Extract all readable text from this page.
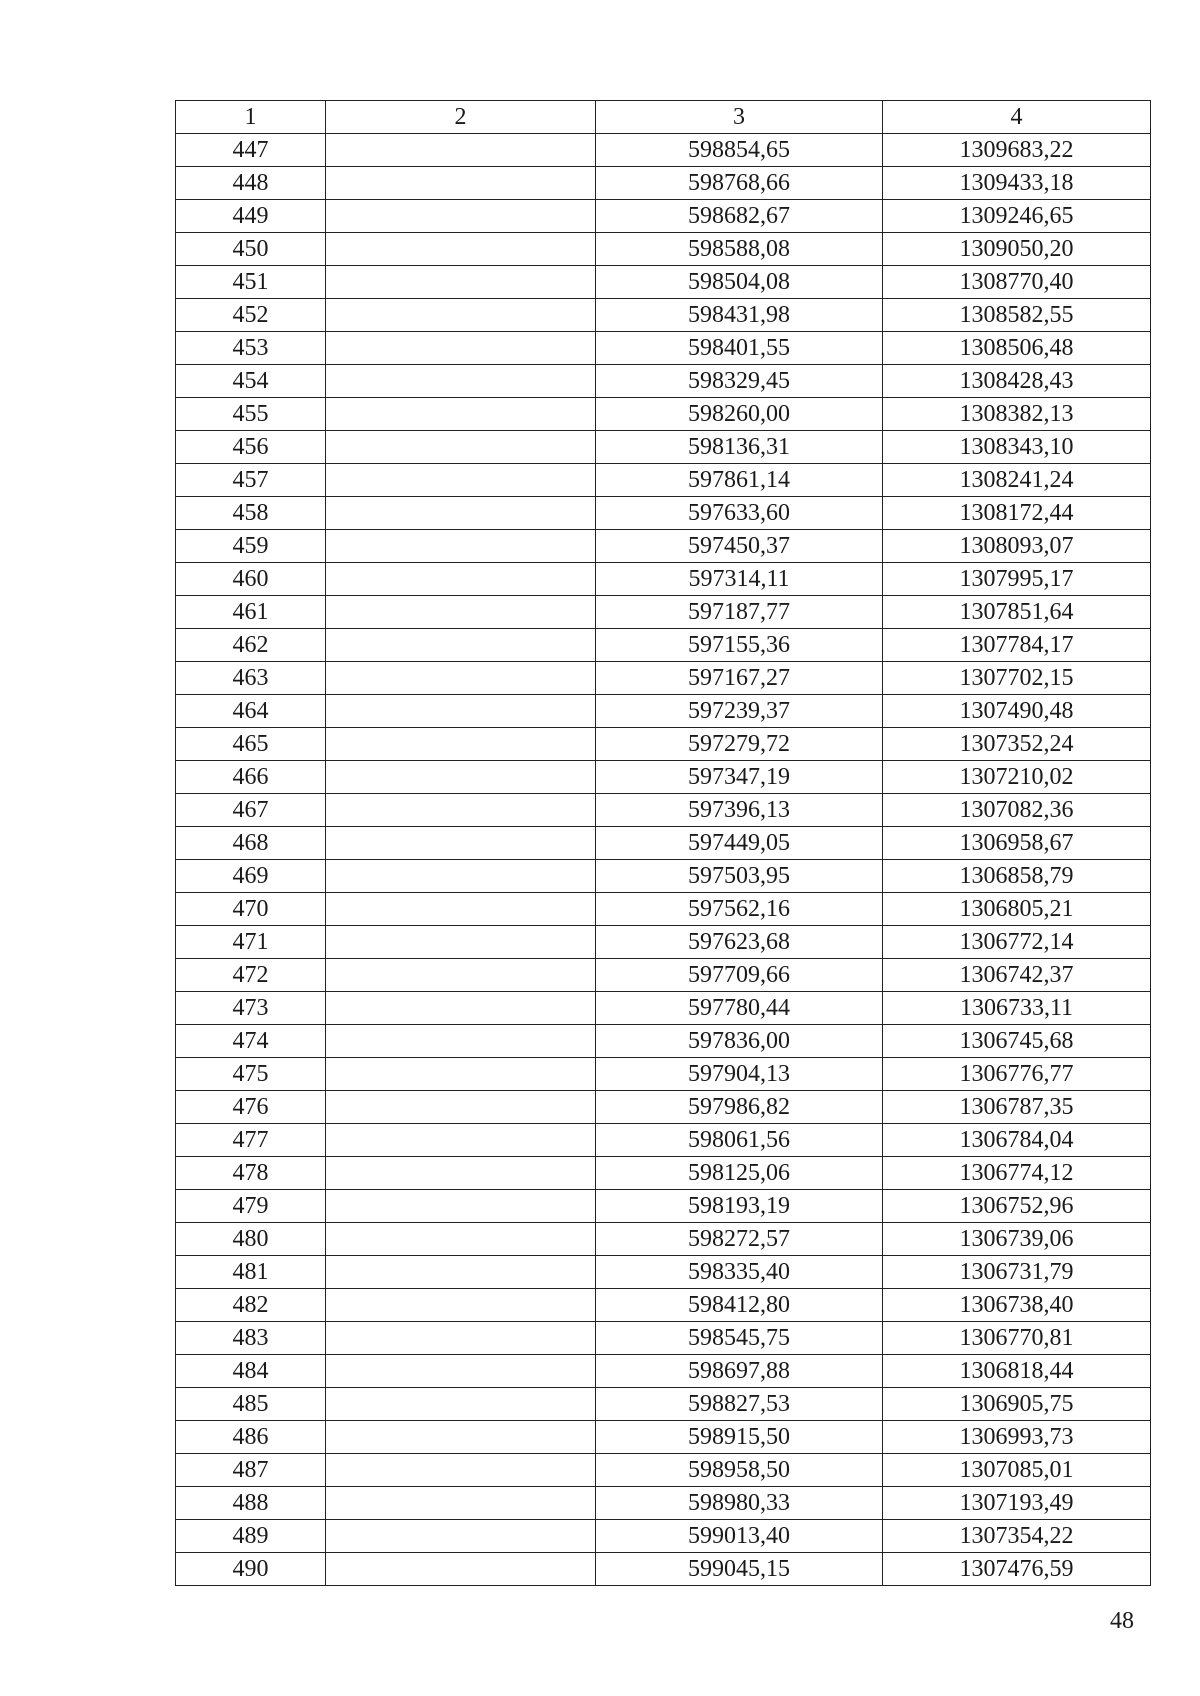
1	2	3	4
447		598854,65	1309683,22
448		598768,66	1309433,18
449		598682,67	1309246,65
450		598588,08	1309050,20
451		598504,08	1308770,40
452		598431,98	1308582,55
453		598401,55	1308506,48
454		598329,45	1308428,43
455		598260,00	1308382,13
456		598136,31	1308343,10
457		597861,14	1308241,24
458		597633,60	1308172,44
459		597450,37	1308093,07
460		597314,11	1307995,17
461		597187,77	1307851,64
462		597155,36	1307784,17
463		597167,27	1307702,15
464		597239,37	1307490,48
465		597279,72	1307352,24
466		597347,19	1307210,02
467		597396,13	1307082,36
468		597449,05	1306958,67
469		597503,95	1306858,79
470		597562,16	1306805,21
471		597623,68	1306772,14
472		597709,66	1306742,37
473		597780,44	1306733,11
474		597836,00	1306745,68
475		597904,13	1306776,77
476		597986,82	1306787,35
477		598061,56	1306784,04
478		598125,06	1306774,12
479		598193,19	1306752,96
480		598272,57	1306739,06
481		598335,40	1306731,79
482		598412,80	1306738,40
483		598545,75	1306770,81
484		598697,88	1306818,44
485		598827,53	1306905,75
486		598915,50	1306993,73
487		598958,50	1307085,01
488		598980,33	1307193,49
489		599013,40	1307354,22
490		599045,15	1307476,59
48
